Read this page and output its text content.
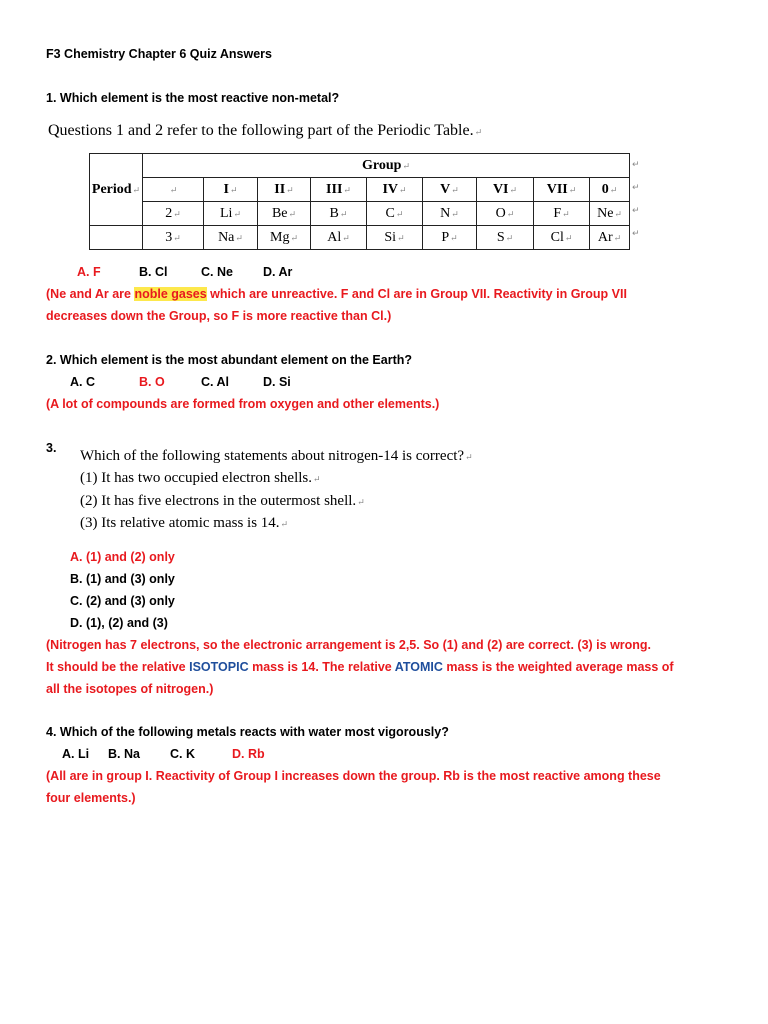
F3 Chemistry Chapter 6 Quiz Answers
1. Which element is the most reactive non-metal?
Questions 1 and 2 refer to the following part of the Periodic Table.↵
Period↵	Group↵								
	↵	I↵	II↵	III↵	IV↵	V↵	VI↵	VII↵	0↵
	2↵	Li↵	Be↵	B↵	C↵	N↵	O↵	F↵	Ne↵
	3↵	Na↵	Mg↵	Al↵	Si↵	P↵	S↵	Cl↵	Ar↵
↵
↵
↵
↵
A. F	B. Cl	C. Ne D. Ar
(Ne and Ar are noble gases which are unreactive. F and Cl are in Group VII. Reactivity in Group VII
decreases down the Group, so F is more reactive than Cl.)
2. Which element is the most abundant element on the Earth?
A. C	B. O	C. Al	D. Si
(A lot of compounds are formed from oxygen and other elements.)
3. Which of the following statements about nitrogen-14 is correct?↵
(1) It has two occupied electron shells.↵
(2) It has five electrons in the outermost shell.↵
(3) Its relative atomic mass is 14.↵
A. (1) and (2) only
B. (1) and (3) only
C. (2) and (3) only
D. (1), (2) and (3)
(Nitrogen has 7 electrons, so the electronic arrangement is 2,5. So (1) and (2) are correct. (3) is wrong.
It should be the relative ISOTOPIC mass is 14. The relative ATOMIC mass is the weighted average mass of
all the isotopes of nitrogen.)
4. Which of the following metals reacts with water most vigorously?
A. Li B. Na C. K	D. Rb
(All are in group I. Reactivity of Group I increases down the group. Rb is the most reactive among these
four elements.)
